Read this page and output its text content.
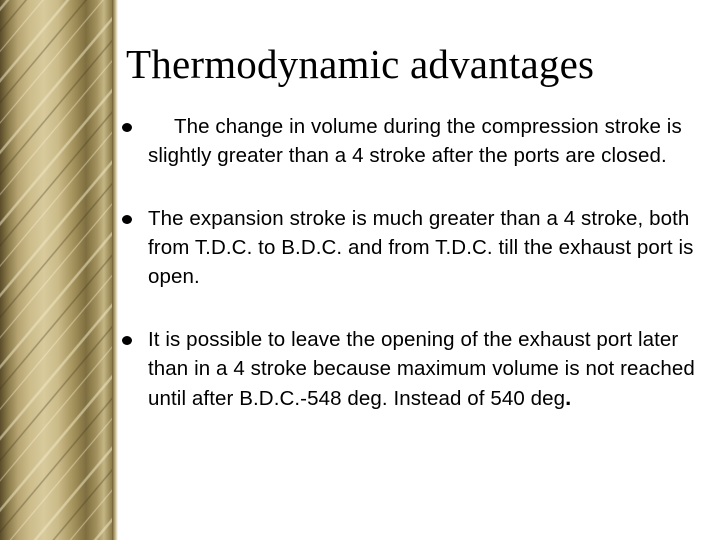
Thermodynamic advantages
The change in volume during the compression stroke is slightly greater than a 4 stroke after the ports are closed.
The expansion stroke is much greater than a 4 stroke, both from T.D.C. to B.D.C. and from T.D.C. till the exhaust port is open.
It is possible to leave the opening of the exhaust port later than in a 4 stroke because maximum volume is not reached until after B.D.C.-548 deg. Instead of 540 deg.
